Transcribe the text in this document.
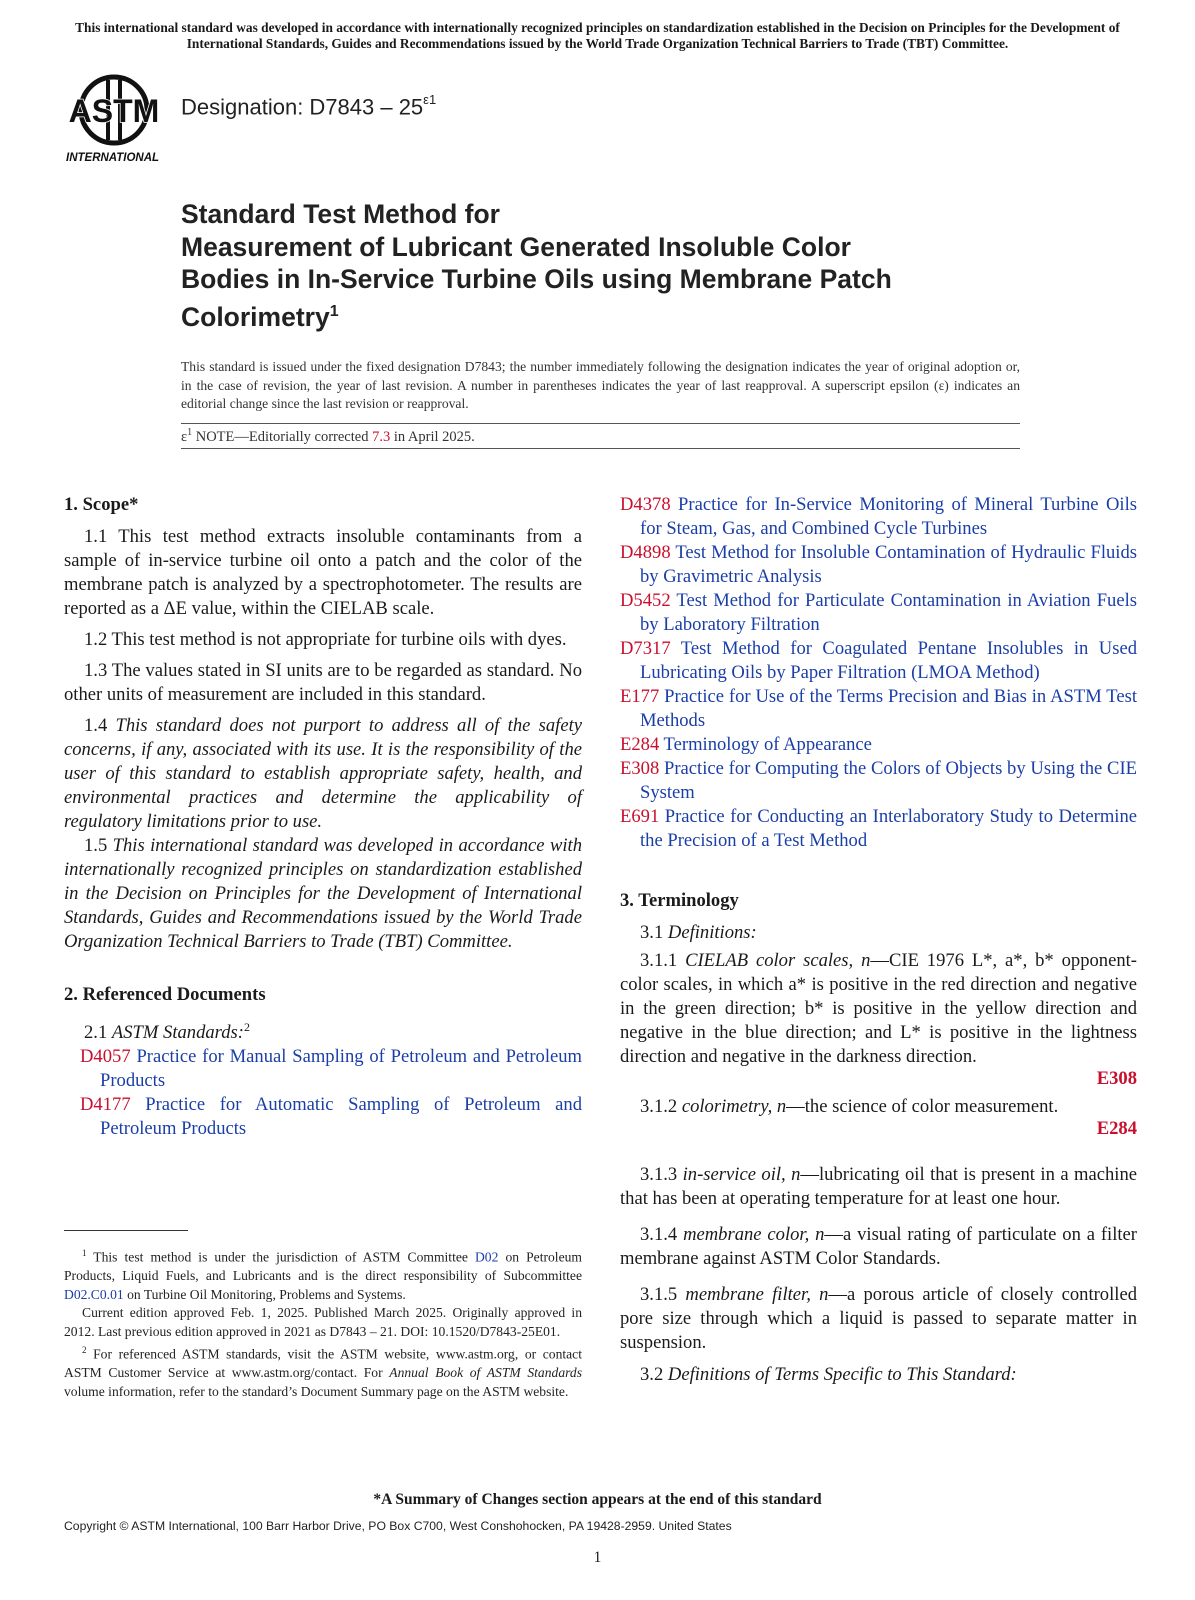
This international standard was developed in accordance with internationally recognized principles on standardization established in the Decision on Principles for the Development of International Standards, Guides and Recommendations issued by the World Trade Organization Technical Barriers to Trade (TBT) Committee.
ASTM
INTERNATIONAL
Designation: $D7843 - 25^{\varepsilon 1}$
Standard Test Method for
Measurement of Lubricant Generated Insoluble Color
Bodies in In-Service Turbine Oils using Membrane Patch
Colorimetry$^1$
This standard is issued under the fixed designation D7843; the number immediately following the designation indicates the year of original adoption or, in the case of revision, the year of last revision. A number in parentheses indicates the year of last reapproval. A superscript epsilon (ε) indicates an editorial change since the last revision or reapproval.
$\varepsilon^1$ NOTE—Editorially corrected 7.3 in April 2025.
1. Scope*

1.1 This test method extracts insoluble contaminants from a sample of in-service turbine oil onto a patch and the color of the membrane patch is analyzed by a spectrophotometer. The results are reported as a ΔE value, within the CIELAB scale.

1.2 This test method is not appropriate for turbine oils with dyes.

1.3 The values stated in SI units are to be regarded as standard. No other units of measurement are included in this standard.

1.4 This standard does not purport to address all of the safety concerns, if any, associated with its use. It is the responsibility of the user of this standard to establish appropriate safety, health, and environmental practices and determine the applicability of regulatory limitations prior to use.

1.5 This international standard was developed in accordance with internationally recognized principles on standardization established in the Decision on Principles for the Development of International Standards, Guides and Recommendations issued by the World Trade Organization Technical Barriers to Trade (TBT) Committee.

2. Referenced Documents

2.1 ASTM Standards:$^2$

D4057 Practice for Manual Sampling of Petroleum and Petroleum Products
D4177 Practice for Automatic Sampling of Petroleum and Petroleum Products

$^1$ This test method is under the jurisdiction of ASTM Committee D02 on Petroleum Products, Liquid Fuels, and Lubricants and is the direct responsibility of Subcommittee D02.C0.01 on Turbine Oil Monitoring, Problems and Systems.

Current edition approved Feb. 1, 2025. Published March 2025. Originally approved in 2012. Last previous edition approved in 2021 as D7843 – 21. DOI: 10.1520/D7843-25E01.

$^2$ For referenced ASTM standards, visit the ASTM website, www.astm.org, or contact ASTM Customer Service at www.astm.org/contact. For Annual Book of ASTM Standards volume information, refer to the standard’s Document Summary page on the ASTM website.

D4378 Practice for In-Service Monitoring of Mineral Turbine Oils for Steam, Gas, and Combined Cycle Turbines
D4898 Test Method for Insoluble Contamination of Hydraulic Fluids by Gravimetric Analysis
D5452 Test Method for Particulate Contamination in Aviation Fuels by Laboratory Filtration
D7317 Test Method for Coagulated Pentane Insolubles in Used Lubricating Oils by Paper Filtration (LMOA Method)
E177 Practice for Use of the Terms Precision and Bias in ASTM Test Methods
E284 Terminology of Appearance
E308 Practice for Computing the Colors of Objects by Using the CIE System
E691 Practice for Conducting an Interlaboratory Study to Determine the Precision of a Test Method
3. Terminology

3.1 Definitions:

3.1.1 CIELAB color scales, n—CIE 1976 L*, a*, b* opponent-color scales, in which a* is positive in the red direction and negative in the green direction; b* is positive in the yellow direction and negative in the blue direction; and L* is positive in the lightness direction and negative in the darkness direction.
E308

3.1.2 colorimetry, n—the science of color measurement.
E284

3.1.3 in-service oil, n—lubricating oil that is present in a machine that has been at operating temperature for at least one hour.

3.1.4 membrane color, n—a visual rating of particulate on a filter membrane against ASTM Color Standards.

3.1.5 membrane filter, n—a porous article of closely controlled pore size through which a liquid is passed to separate matter in suspension.

3.2 Definitions of Terms Specific to This Standard:

*A Summary of Changes section appears at the end of this standard
Copyright © ASTM International, 100 Barr Harbor Drive, PO Box C700, West Conshohocken, PA 19428-2959. United States
1
